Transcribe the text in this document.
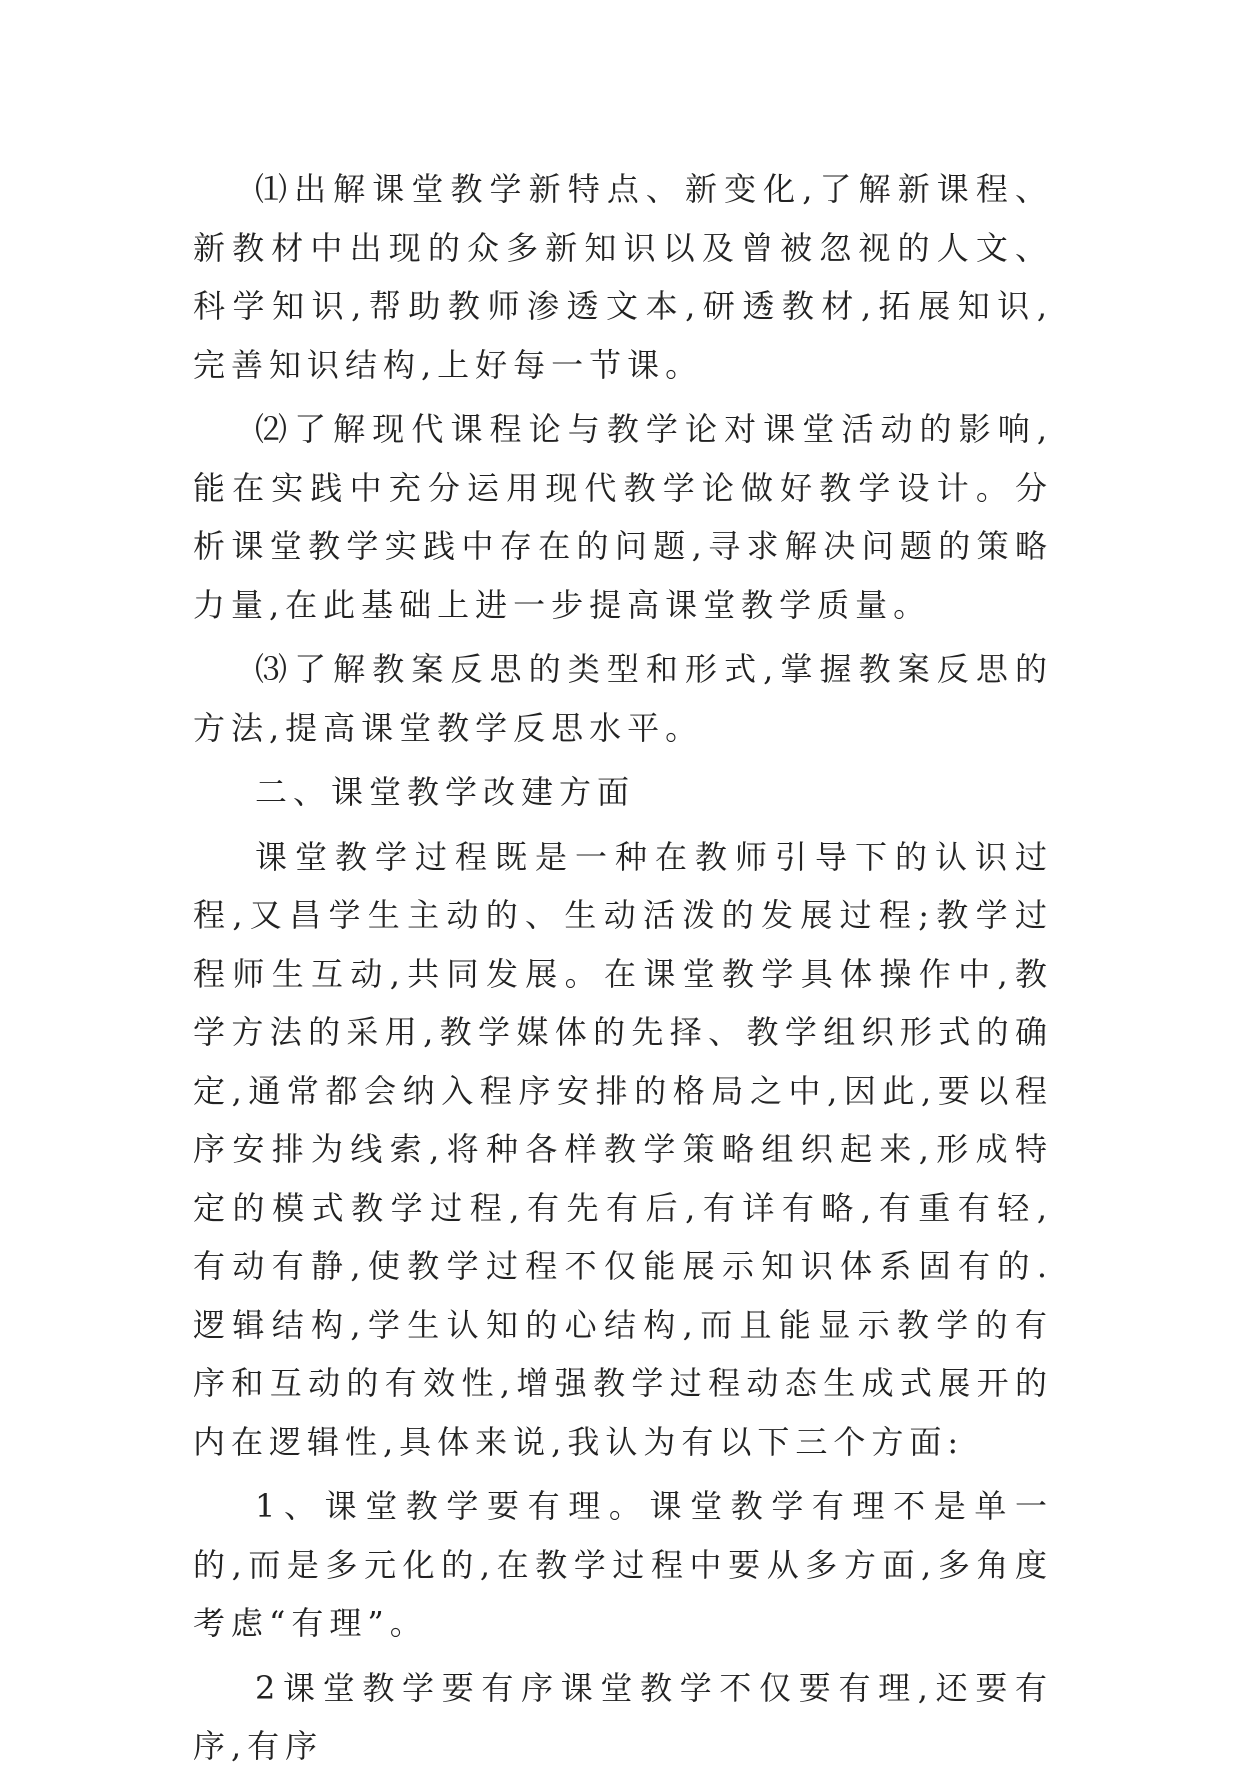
⑴出解课堂教学新特点、新变化,了解新课程、新教材中出现的众多新知识以及曾被忽视的人文、科学知识,帮助教师渗透文本,研透教材,拓展知识,完善知识结构,上好每一节课。

⑵了解现代课程论与教学论对课堂活动的影响,能在实践中充分运用现代教学论做好教学设计。分析课堂教学实践中存在的问题,寻求解决问题的策略力量,在此基础上进一步提高课堂教学质量。

⑶了解教案反思的类型和形式,掌握教案反思的方法,提高课堂教学反思水平。

二、课堂教学改建方面

课堂教学过程既是一种在教师引导下的认识过程,又昌学生主动的、生动活泼的发展过程;教学过程师生互动,共同发展。在课堂教学具体操作中,教学方法的采用,教学媒体的先择、教学组织形式的确定,通常都会纳入程序安排的格局之中,因此,要以程序安排为线索,将种各样教学策略组织起来,形成特定的模式教学过程,有先有后,有详有略,有重有轻,有动有静,使教学过程不仅能展示知识体系固有的.逻辑结构,学生认知的心结构,而且能显示教学的有序和互动的有效性,增强教学过程动态生成式展开的内在逻辑性,具体来说,我认为有以下三个方面:

1、课堂教学要有理。课堂教学有理不是单一的,而是多元化的,在教学过程中要从多方面,多角度考虑“有理”。

2课堂教学要有序课堂教学不仅要有理,还要有序,有序
